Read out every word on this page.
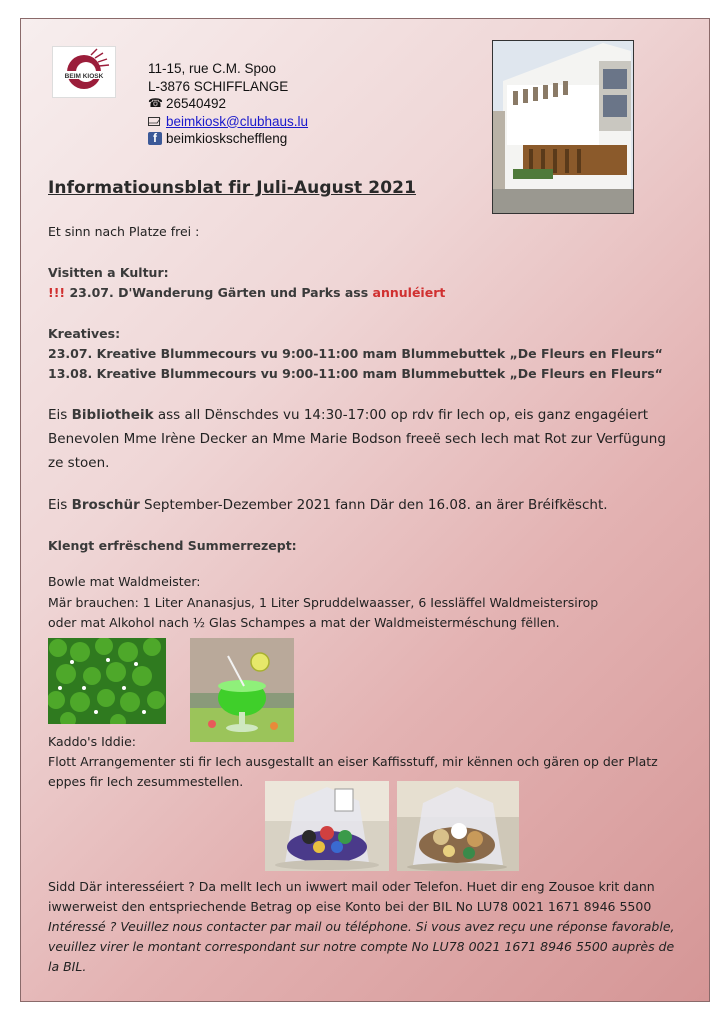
BEIM KIOSK
11-15, rue C.M. Spoo
L-3876 SCHIFFLANGE
☎ 26540492
beimkiosk@clubhaus.lu
f beimkioskscheffleng
Informatiounsblat fir Juli-August 2021
Et sinn nach Platze frei :
Visitten a Kultur:
!!! 23.07. D'Wanderung Gärten und Parks ass annuléiert
Kreatives:
23.07. Kreative Blummecours vu 9:00-11:00 mam Blummebuttek „De Fleurs en Fleurs“
13.08. Kreative Blummecours vu 9:00-11:00 mam Blummebuttek „De Fleurs en Fleurs“
Eis Bibliotheik ass all Dënschdes vu 14:30-17:00 op rdv fir Iech op, eis ganz engagéiert
Benevolen Mme Irène Decker an Mme Marie Bodson freeë sech Iech mat Rot zur Verfügung
ze stoen.
Eis Broschür September-Dezember 2021 fann Där den 16.08. an ärer Bréifkëscht.
Klengt erfrëschend Summerrezept:
Bowle mat Waldmeister:
Mär brauchen: 1 Liter Ananasjus, 1 Liter Spruddelwaasser, 6 Iessläffel Waldmeistersirop
oder mat Alkohol nach ½ Glas Schampes a mat der Waldmeisterméschung fëllen.
Kaddo's Iddie:
Flott Arrangementer sti fir Iech ausgestallt an eiser Kaffisstuff, mir kënnen och gären op der Platz
eppes fir Iech zesummestellen.
Sidd Där interesséiert ? Da mellt Iech un iwwert mail oder Telefon. Huet dir eng Zousoe krit dann
iwwerweist den entspriechende Betrag op eise Konto bei der BIL No LU78 0021 1671 8946 5500
Intéressé ? Veuillez nous contacter par mail ou téléphone. Si vous avez reçu une réponse favorable,
veuillez virer le montant correspondant sur notre compte No LU78 0021 1671 8946 5500 auprès de
la BIL.
